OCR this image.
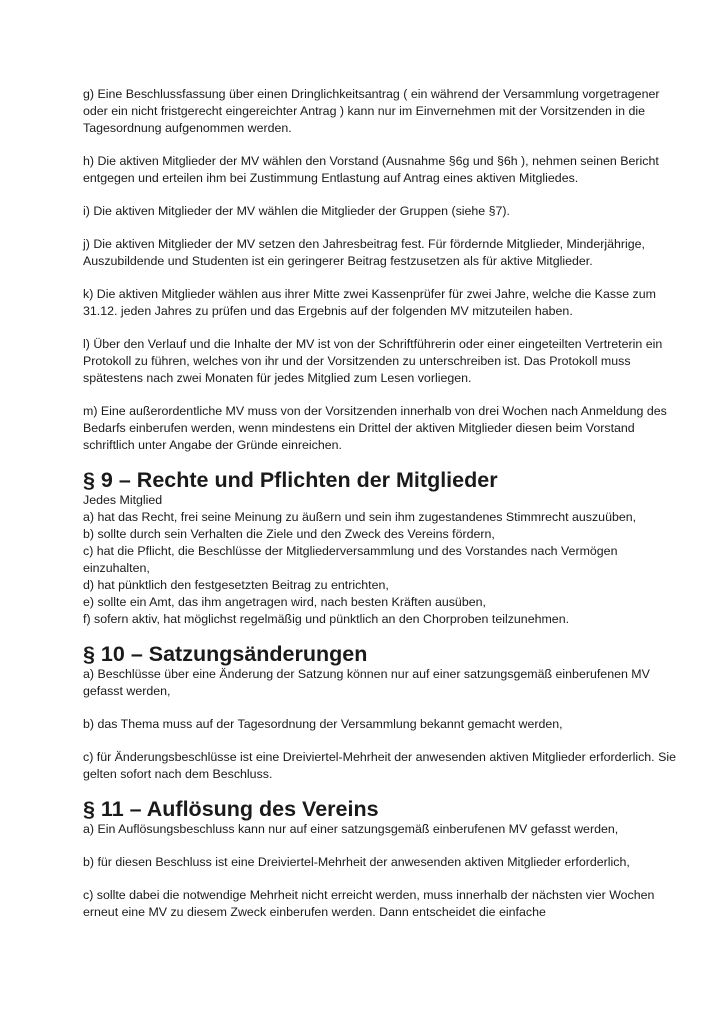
g) Eine Beschlussfassung über einen Dringlichkeitsantrag ( ein während der Versammlung vorgetragener oder ein nicht fristgerecht eingereichter Antrag ) kann nur im Einvernehmen mit der Vorsitzenden in die Tagesordnung aufgenommen werden.

h) Die aktiven Mitglieder der MV wählen den Vorstand (Ausnahme §6g und §6h ), nehmen seinen Bericht entgegen und erteilen ihm bei Zustimmung Entlastung auf Antrag eines aktiven Mitgliedes.

i) Die aktiven Mitglieder der MV wählen die Mitglieder der Gruppen (siehe §7).

j) Die aktiven Mitglieder der MV setzen den Jahresbeitrag fest. Für fördernde Mitglieder, Minderjährige, Auszubildende und Studenten ist ein geringerer Beitrag festzusetzen als für aktive Mitglieder.

k) Die aktiven Mitglieder wählen aus ihrer Mitte zwei Kassenprüfer für zwei Jahre, welche die Kasse zum 31.12. jeden Jahres zu prüfen und das Ergebnis auf der folgenden MV mitzuteilen haben.

l) Über den Verlauf und die Inhalte der MV ist von der Schriftführerin oder einer eingeteilten Vertreterin ein Protokoll zu führen, welches von ihr und der Vorsitzenden zu unterschreiben ist. Das Protokoll muss spätestens nach zwei Monaten für jedes Mitglied zum Lesen vorliegen.

m) Eine außerordentliche MV muss von der Vorsitzenden innerhalb von drei Wochen nach Anmeldung des Bedarfs einberufen werden, wenn mindestens ein Drittel der aktiven Mitglieder diesen beim Vorstand schriftlich unter Angabe der Gründe einreichen.

§ 9 – Rechte und Pflichten der Mitglieder

Jedes Mitglied

a) hat das Recht, frei seine Meinung zu äußern und sein ihm zugestandenes Stimmrecht auszuüben,

b) sollte durch sein Verhalten die Ziele und den Zweck des Vereins fördern,

c) hat die Pflicht, die Beschlüsse der Mitgliederversammlung und des Vorstandes nach Vermögen einzuhalten,

d) hat pünktlich den festgesetzten Beitrag zu entrichten,

e) sollte ein Amt, das ihm angetragen wird, nach besten Kräften ausüben,

f) sofern aktiv, hat möglichst regelmäßig und pünktlich an den Chorproben teilzunehmen.

§ 10 – Satzungsänderungen

a) Beschlüsse über eine Änderung der Satzung können nur auf einer satzungsgemäß einberufenen MV gefasst werden,

b) das Thema muss auf der Tagesordnung der Versammlung bekannt gemacht werden,

c) für Änderungsbeschlüsse ist eine Dreiviertel-Mehrheit der anwesenden aktiven Mitglieder erforderlich. Sie gelten sofort nach dem Beschluss.

§ 11 – Auflösung des Vereins

a) Ein Auflösungsbeschluss kann nur auf einer satzungsgemäß einberufenen MV gefasst werden,

b) für diesen Beschluss ist eine Dreiviertel-Mehrheit der anwesenden aktiven Mitglieder erforderlich,

c) sollte dabei die notwendige Mehrheit nicht erreicht werden, muss innerhalb der nächsten vier Wochen erneut eine MV zu diesem Zweck einberufen werden. Dann entscheidet die einfache
